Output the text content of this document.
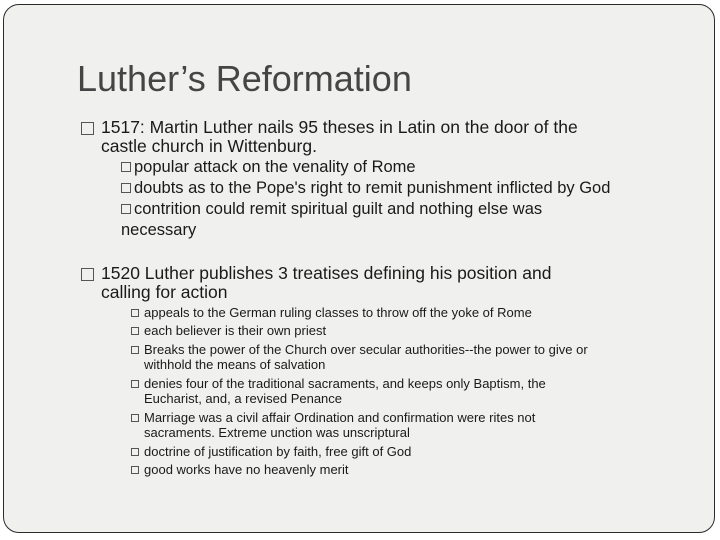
Luther’s Reformation
1517: Martin Luther nails 95 theses in Latin on the door of the
castle church in Wittenburg.
popular attack on the venality of Rome
doubts as to the Pope's right to remit punishment inflicted by God
contrition could remit spiritual guilt and nothing else was
necessary
1520 Luther publishes 3 treatises defining his position and
calling for action
appeals to the German ruling classes to throw off the yoke of Rome
each believer is their own priest
Breaks the power of the Church over secular authorities--the power to give or
withhold the means of salvation
denies four of the traditional sacraments, and keeps only Baptism, the
Eucharist, and, a revised Penance
Marriage was a civil affair Ordination and confirmation were rites not
sacraments. Extreme unction was unscriptural
doctrine of justification by faith, free gift of God
good works have no heavenly merit
